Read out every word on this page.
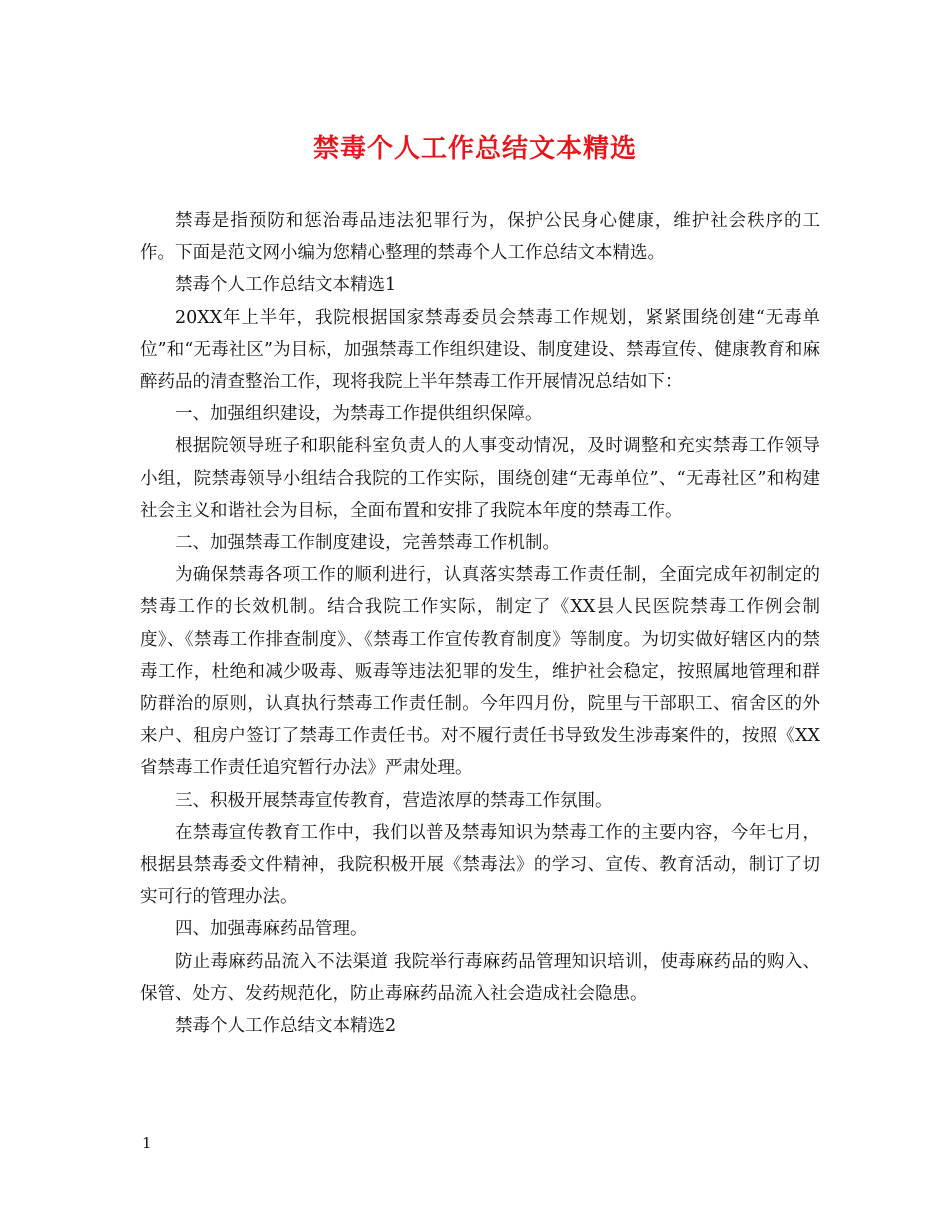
禁毒个人工作总结文本精选

禁毒是指预防和惩治毒品违法犯罪行为，保护公民身心健康，维护社会秩序的工作。下面是范文网小编为您精心整理的禁毒个人工作总结文本精选。

禁毒个人工作总结文本精选1

20XX年上半年，我院根据国家禁毒委员会禁毒工作规划，紧紧围绕创建“无毒单位”和“无毒社区”为目标，加强禁毒工作组织建设、制度建设、禁毒宣传、健康教育和麻醉药品的清查整治工作，现将我院上半年禁毒工作开展情况总结如下：

一、加强组织建设，为禁毒工作提供组织保障。

根据院领导班子和职能科室负责人的人事变动情况，及时调整和充实禁毒工作领导小组，院禁毒领导小组结合我院的工作实际，围绕创建“无毒单位”、“无毒社区”和构建社会主义和谐社会为目标，全面布置和安排了我院本年度的禁毒工作。

二、加强禁毒工作制度建设，完善禁毒工作机制。

为确保禁毒各项工作的顺利进行，认真落实禁毒工作责任制，全面完成年初制定的禁毒工作的长效机制。结合我院工作实际，制定了《XX县人民医院禁毒工作例会制度》、《禁毒工作排查制度》、《禁毒工作宣传教育制度》等制度。为切实做好辖区内的禁毒工作，杜绝和减少吸毒、贩毒等违法犯罪的发生，维护社会稳定，按照属地管理和群防群治的原则，认真执行禁毒工作责任制。今年四月份，院里与干部职工、宿舍区的外来户、租房户签订了禁毒工作责任书。对不履行责任书导致发生涉毒案件的，按照《XX省禁毒工作责任追究暂行办法》严肃处理。

三、积极开展禁毒宣传教育，营造浓厚的禁毒工作氛围。

在禁毒宣传教育工作中，我们以普及禁毒知识为禁毒工作的主要内容，今年七月，根据县禁毒委文件精神，我院积极开展《禁毒法》的学习、宣传、教育活动，制订了切实可行的管理办法。

四、加强毒麻药品管理。

防止毒麻药品流入不法渠道 我院举行毒麻药品管理知识培训，使毒麻药品的购入、保管、处方、发药规范化，防止毒麻药品流入社会造成社会隐患。

禁毒个人工作总结文本精选2

1
